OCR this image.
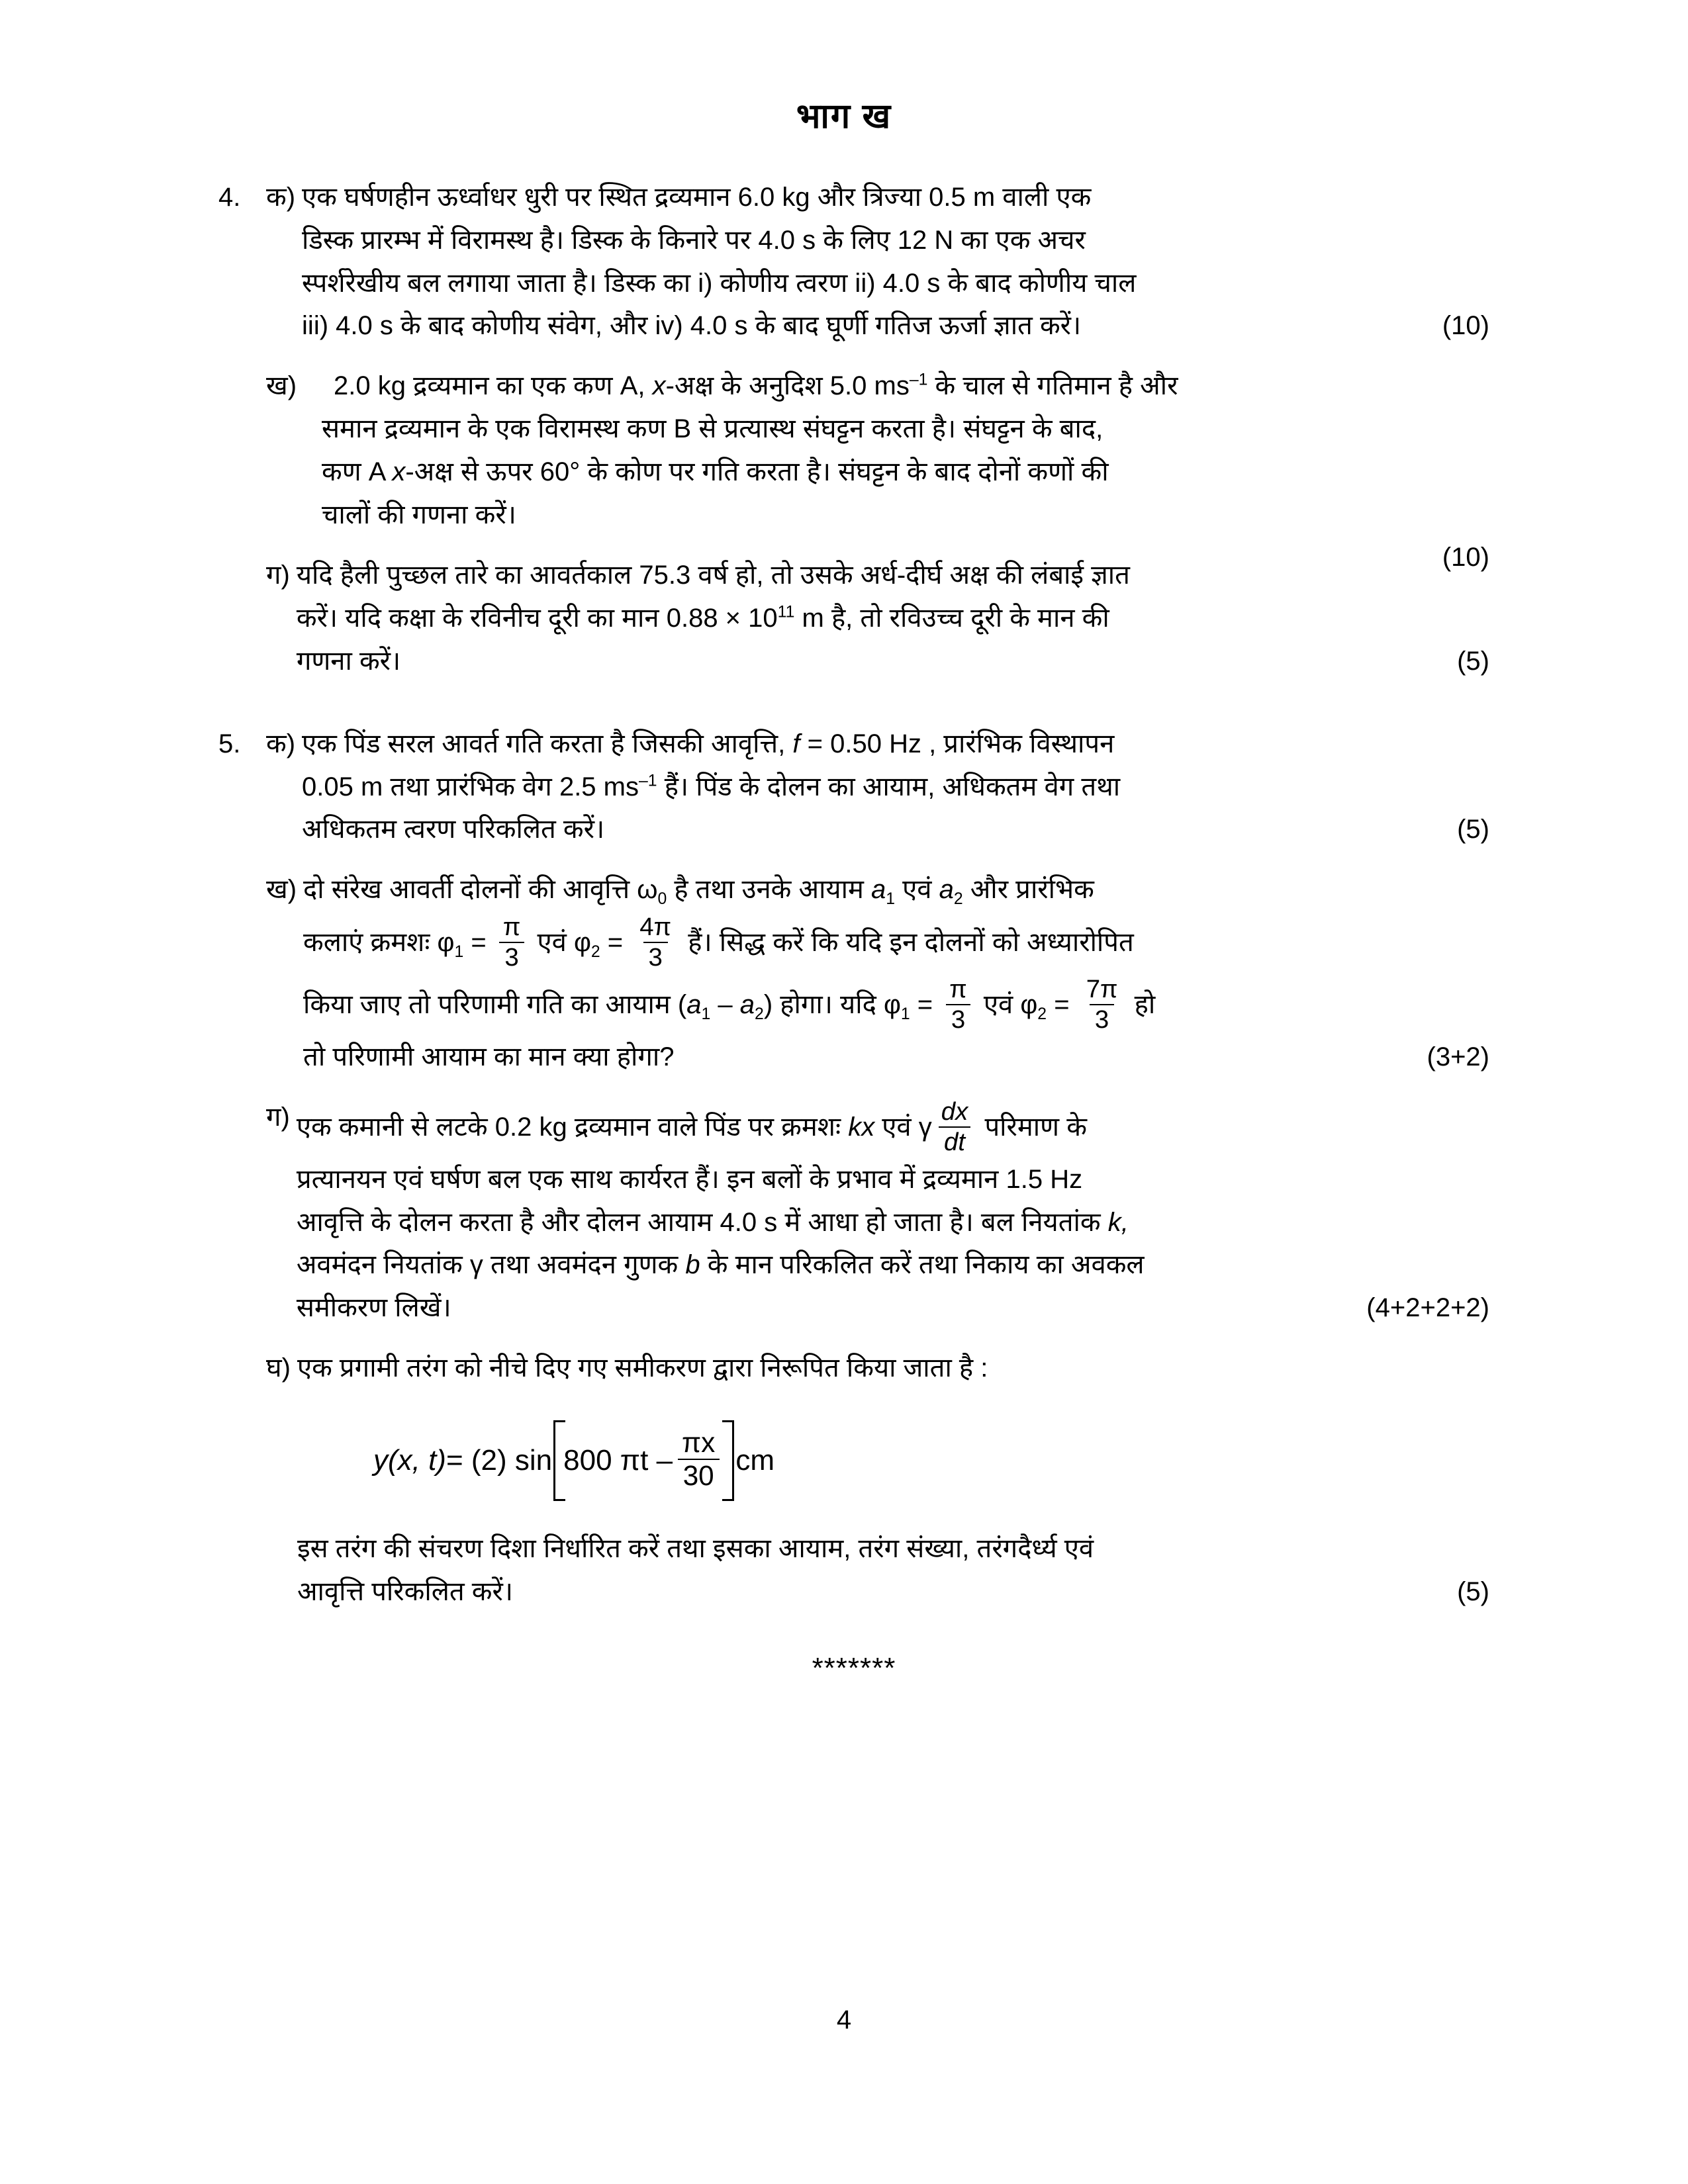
भाग ख
4. क) एक घर्षणहीन ऊर्ध्वाधर धुरी पर स्थित द्रव्यमान 6.0 kg और त्रिज्या 0.5 m वाली एक
डिस्क प्रारम्भ में विरामस्थ है। डिस्क के किनारे पर 4.0 s के लिए 12 N का एक अचर
स्पर्शरेखीय बल लगाया जाता है। डिस्क का i) कोणीय त्वरण ii) 4.0 s के बाद कोणीय चाल
iii) 4.0 s के बाद कोणीय संवेग, और iv) 4.0 s के बाद घूर्णी गतिज ऊर्जा ज्ञात करें।	(10)
ख)	2.0 kg द्रव्यमान का एक कण A, x-अक्ष के अनुदिश 5.0 $ms^{-1}$ के चाल से गतिमान है और
समान द्रव्यमान के एक विरामस्थ कण B से प्रत्यास्थ संघट्टन करता है। संघट्टन के बाद,
कण A x-अक्ष से ऊपर 60° के कोण पर गति करता है। संघट्टन के बाद दोनों कणों की
चालों की गणना करें।
(10)
ग) यदि हैली पुच्छल तारे का आवर्तकाल 75.3 वर्ष हो, तो उसके अर्ध-दीर्घ अक्ष की लंबाई ज्ञात
करें। यदि कक्षा के रविनीच दूरी का मान $0.88 \times 10^{11}$ m है, तो रविउच्च दूरी के मान की
गणना करें।	(5)
5. क) एक पिंड सरल आवर्त गति करता है जिसकी आवृत्ति, f = 0.50 Hz , प्रारंभिक विस्थापन
0.05 m तथा प्रारंभिक वेग 2.5 $ms^{-1}$ हैं। पिंड के दोलन का आयाम, अधिकतम वेग तथा
अधिकतम त्वरण परिकलित करें।	(5)
ख) दो संरेख आवर्ती दोलनों की आवृत्ति $\omega_0$ है तथा उनके आयाम $a_1$ एवं $a_2$ और प्रारंभिक
कलाएं क्रमशः $\varphi_1 = \frac{\pi}{3}$ एवं $\varphi_2 = \frac{4\pi}{3}$ हैं। सिद्ध करें कि यदि इन दोलनों को अध्यारोपित
किया जाए तो परिणामी गति का आयाम $(a_1 - a_2)$ होगा। यदि $\varphi_1 = \frac{\pi}{3}$ एवं $\varphi_2 = \frac{7\pi}{3}$ हो
तो परिणामी आयाम का मान क्या होगा?	(3+2)
ग) एक कमानी से लटके 0.2 kg द्रव्यमान वाले पिंड पर क्रमशः kx एवं γ $\frac{dx}{dt}$ परिमाण के
प्रत्यानयन एवं घर्षण बल एक साथ कार्यरत हैं। इन बलों के प्रभाव में द्रव्यमान 1.5 Hz
आवृत्ति के दोलन करता है और दोलन आयाम 4.0 s में आधा हो जाता है। बल नियतांक k,
अवमंदन नियतांक γ तथा अवमंदन गुणक b के मान परिकलित करें तथा निकाय का अवकल
समीकरण लिखें।	(4+2+2+2)
घ) एक प्रगामी तरंग को नीचे दिए गए समीकरण द्वारा निरूपित किया जाता है :
y (x, t) = (2) sin 800 πt – $\frac{\pi x}{30}$ cm
इस तरंग की संचरण दिशा निर्धारित करें तथा इसका आयाम, तरंग संख्या, तरंगदैर्ध्य एवं
आवृत्ति परिकलित करें।	(5)
*******
4
